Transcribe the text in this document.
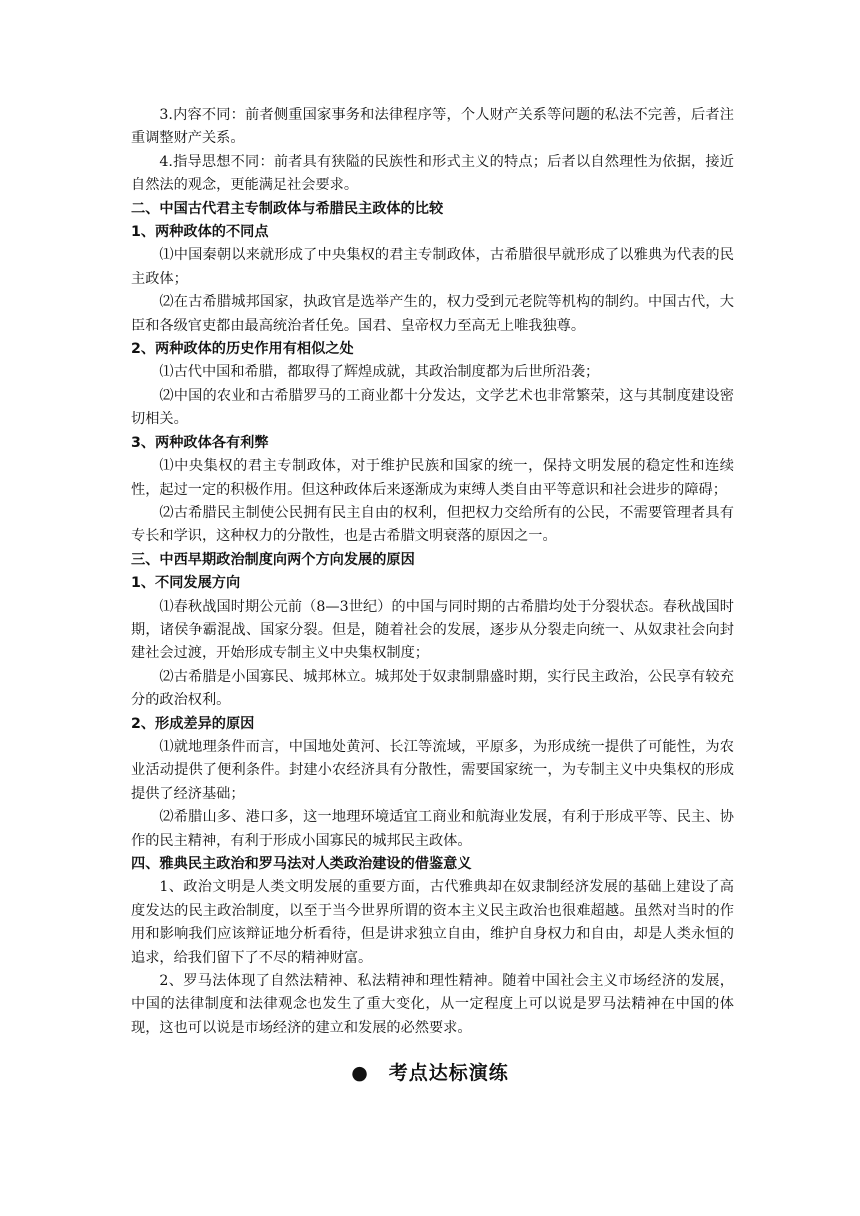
3.内容不同：前者侧重国家事务和法律程序等，个人财产关系等问题的私法不完善，后者注重调整财产关系。

4.指导思想不同：前者具有狭隘的民族性和形式主义的特点；后者以自然理性为依据，接近自然法的观念，更能满足社会要求。

二、中国古代君主专制政体与希腊民主政体的比较

1、两种政体的不同点

⑴中国秦朝以来就形成了中央集权的君主专制政体，古希腊很早就形成了以雅典为代表的民主政体；

⑵在古希腊城邦国家，执政官是选举产生的，权力受到元老院等机构的制约。中国古代，大臣和各级官吏都由最高统治者任免。国君、皇帝权力至高无上唯我独尊。

2、两种政体的历史作用有相似之处

⑴古代中国和希腊，都取得了辉煌成就，其政治制度都为后世所沿袭；

⑵中国的农业和古希腊罗马的工商业都十分发达，文学艺术也非常繁荣，这与其制度建设密切相关。

3、两种政体各有利弊

⑴中央集权的君主专制政体，对于维护民族和国家的统一，保持文明发展的稳定性和连续性，起过一定的积极作用。但这种政体后来逐渐成为束缚人类自由平等意识和社会进步的障碍；

⑵古希腊民主制使公民拥有民主自由的权利，但把权力交给所有的公民，不需要管理者具有专长和学识，这种权力的分散性，也是古希腊文明衰落的原因之一。

三、中西早期政治制度向两个方向发展的原因

1、不同发展方向

⑴春秋战国时期公元前（8—3世纪）的中国与同时期的古希腊均处于分裂状态。春秋战国时期，诸侯争霸混战、国家分裂。但是，随着社会的发展，逐步从分裂走向统一、从奴隶社会向封建社会过渡，开始形成专制主义中央集权制度；

⑵古希腊是小国寡民、城邦林立。城邦处于奴隶制鼎盛时期，实行民主政治，公民享有较充分的政治权利。

2、形成差异的原因

⑴就地理条件而言，中国地处黄河、长江等流域，平原多，为形成统一提供了可能性，为农业活动提供了便利条件。封建小农经济具有分散性，需要国家统一，为专制主义中央集权的形成提供了经济基础；

⑵希腊山多、港口多，这一地理环境适宜工商业和航海业发展，有利于形成平等、民主、协作的民主精神，有利于形成小国寡民的城邦民主政体。

四、雅典民主政治和罗马法对人类政治建设的借鉴意义

1、政治文明是人类文明发展的重要方面，古代雅典却在奴隶制经济发展的基础上建设了高度发达的民主政治制度，以至于当今世界所谓的资本主义民主政治也很难超越。虽然对当时的作用和影响我们应该辩证地分析看待，但是讲求独立自由，维护自身权力和自由，却是人类永恒的追求，给我们留下了不尽的精神财富。

2、罗马法体现了自然法精神、私法精神和理性精神。随着中国社会主义市场经济的发展，中国的法律制度和法律观念也发生了重大变化，从一定程度上可以说是罗马法精神在中国的体现，这也可以说是市场经济的建立和发展的必然要求。

● 考点达标演练
